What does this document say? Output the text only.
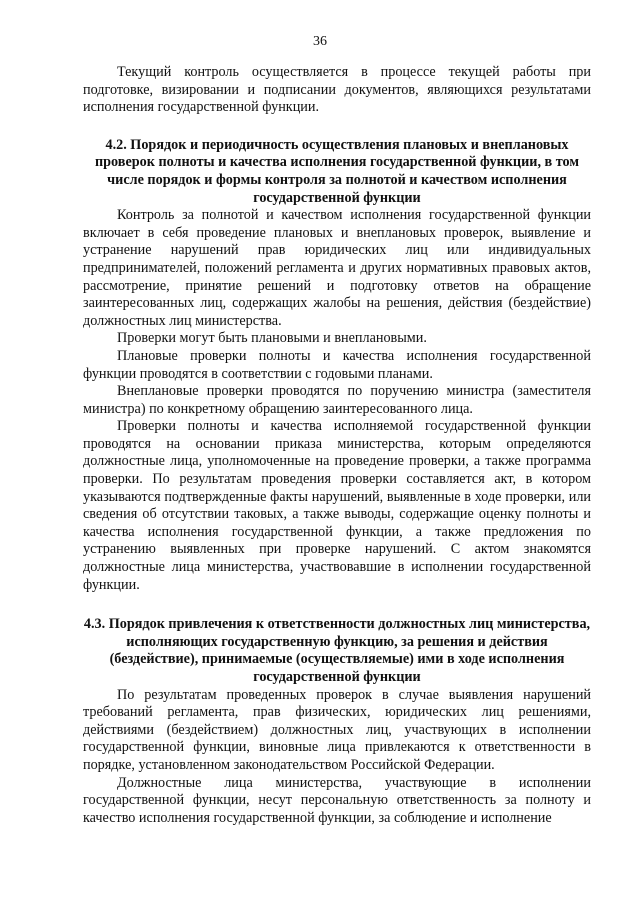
36

Текущий контроль осуществляется в процессе текущей работы при подготовке, визировании и подписании документов, являющихся результатами исполнения государственной функции.

4.2. Порядок и периодичность осуществления плановых и внеплановых проверок полноты и качества исполнения государственной функции, в том числе порядок и формы контроля за полнотой и качеством исполнения государственной функции

Контроль за полнотой и качеством исполнения государственной функции включает в себя проведение плановых и внеплановых проверок, выявление и устранение нарушений прав юридических лиц или индивидуальных предпринимателей, положений регламента и других нормативных правовых актов, рассмотрение, принятие решений и подготовку ответов на обращение заинтересованных лиц, содержащих жалобы на решения, действия (бездействие) должностных лиц министерства.

Проверки могут быть плановыми и внеплановыми.

Плановые проверки полноты и качества исполнения государственной функции проводятся в соответствии с годовыми планами.

Внеплановые проверки проводятся по поручению министра (заместителя министра) по конкретному обращению заинтересованного лица.

Проверки полноты и качества исполняемой государственной функции проводятся на основании приказа министерства, которым определяются должностные лица, уполномоченные на проведение проверки, а также программа проверки. По результатам проведения проверки составляется акт, в котором указываются подтвержденные факты нарушений, выявленные в ходе проверки, или сведения об отсутствии таковых, а также выводы, содержащие оценку полноты и качества исполнения государственной функции, а также предложения по устранению выявленных при проверке нарушений. С актом знакомятся должностные лица министерства, участвовавшие в исполнении государственной функции.

4.3. Порядок привлечения к ответственности должностных лиц министерства, исполняющих государственную функцию, за решения и действия (бездействие), принимаемые (осуществляемые) ими в ходе исполнения государственной функции

По результатам проведенных проверок в случае выявления нарушений требований регламента, прав физических, юридических лиц решениями, действиями (бездействием) должностных лиц, участвующих в исполнении государственной функции, виновные лица привлекаются к ответственности в порядке, установленном законодательством Российской Федерации.

Должностные лица министерства, участвующие в исполнении государственной функции, несут персональную ответственность за полноту и качество исполнения государственной функции, за соблюдение и исполнение
